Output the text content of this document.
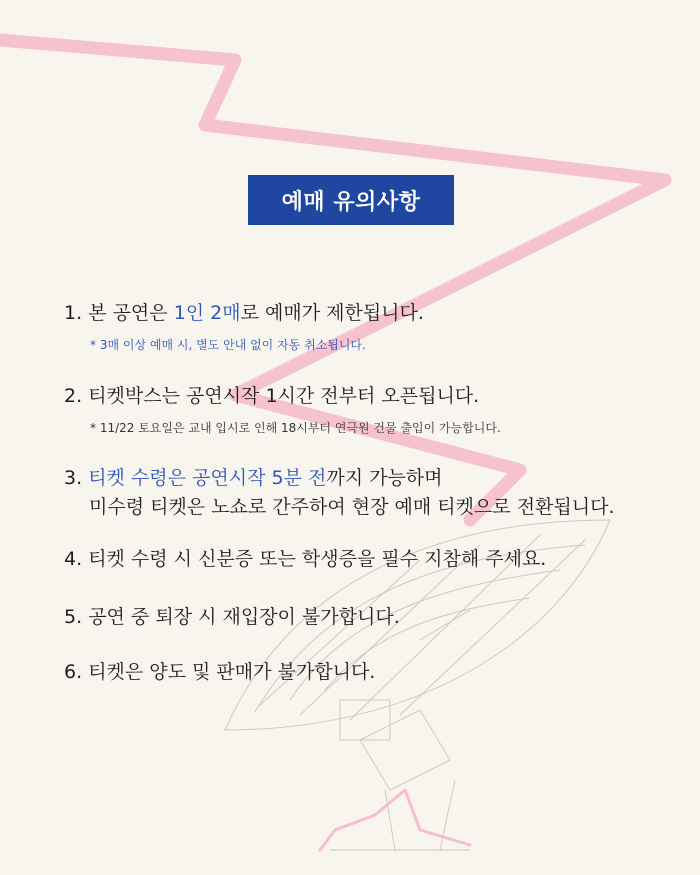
예매 유의사항
1. 본 공연은 1인 2매로 예매가 제한됩니다.
* 3매 이상 예매 시, 별도 안내 없이 자동 취소됩니다.
2. 티켓박스는 공연시작 1시간 전부터 오픈됩니다.
* 11/22 토요일은 교내 입시로 인해 18시부터 연극원 건물 출입이 가능합니다.
3. 티켓 수령은 공연시작 5분 전까지 가능하며
미수령 티켓은 노쇼로 간주하여 현장 예매 티켓으로 전환됩니다.
4. 티켓 수령 시 신분증 또는 학생증을 필수 지참해 주세요.
5. 공연 중 퇴장 시 재입장이 불가합니다.
6. 티켓은 양도 및 판매가 불가합니다.
